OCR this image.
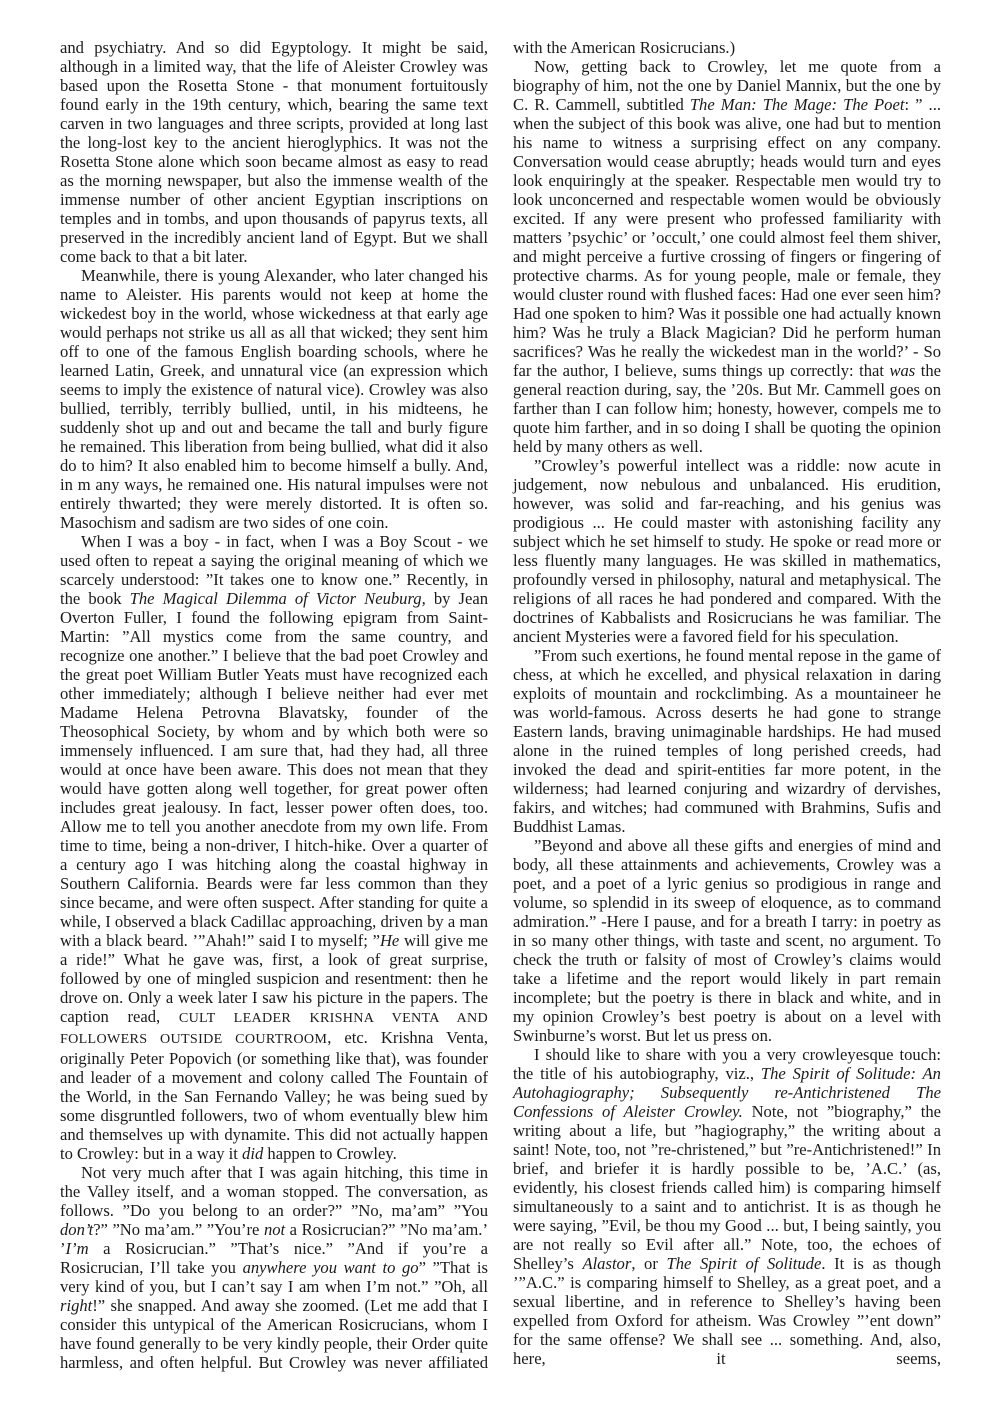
and psychiatry. And so did Egyptology. It might be said, although in a limited way, that the life of Aleister Crowley was based upon the Rosetta Stone - that monument fortuitously found early in the 19th century, which, bearing the same text carven in two languages and three scripts, provided at long last the long-lost key to the ancient hieroglyphics. It was not the Rosetta Stone alone which soon became almost as easy to read as the morning newspaper, but also the immense wealth of the immense number of other ancient Egyptian inscriptions on temples and in tombs, and upon thousands of papyrus texts, all preserved in the incredibly ancient land of Egypt. But we shall come back to that a bit later.

Meanwhile, there is young Alexander, who later changed his name to Aleister. His parents would not keep at home the wickedest boy in the world, whose wickedness at that early age would perhaps not strike us all as all that wicked; they sent him off to one of the famous English boarding schools, where he learned Latin, Greek, and unnatural vice (an expression which seems to imply the existence of natural vice). Crowley was also bullied, terribly, terribly bullied, until, in his midteens, he suddenly shot up and out and became the tall and burly figure he remained. This liberation from being bullied, what did it also do to him? It also enabled him to become himself a bully. And, in m any ways, he remained one. His natural impulses were not entirely thwarted; they were merely distorted. It is often so. Masochism and sadism are two sides of one coin.

When I was a boy - in fact, when I was a Boy Scout - we used often to repeat a saying the original meaning of which we scarcely understood: ”It takes one to know one.” Recently, in the book The Magical Dilemma of Victor Neuburg, by Jean Overton Fuller, I found the following epigram from Saint-Martin: ”All mystics come from the same country, and recognize one another.” I believe that the bad poet Crowley and the great poet William Butler Yeats must have recognized each other immediately; although I believe neither had ever met Madame Helena Petrovna Blavatsky, founder of the Theosophical Society, by whom and by which both were so immensely influenced. I am sure that, had they had, all three would at once have been aware. This does not mean that they would have gotten along well together, for great power often includes great jealousy. In fact, lesser power often does, too. Allow me to tell you another anecdote from my own life. From time to time, being a non-driver, I hitch-hike. Over a quarter of a century ago I was hitching along the coastal highway in Southern California. Beards were far less common than they since became, and were often suspect. After standing for quite a while, I observed a black Cadillac approaching, driven by a man with a black beard. ’”Ahah!” said I to myself; ”He will give me a ride!” What he gave was, first, a look of great surprise, followed by one of mingled suspicion and resentment: then he drove on. Only a week later I saw his picture in the papers. The caption read, CULT LEADER KRISHNA VENTA AND FOLLOWERS OUTSIDE COURTROOM, etc. Krishna Venta, originally Peter Popovich (or something like that), was founder and leader of a movement and colony called The Fountain of the World, in the San Fernando Valley; he was being sued by some disgruntled followers, two of whom eventually blew him and themselves up with dynamite. This did not actually happen to Crowley: but in a way it did happen to Crowley.

Not very much after that I was again hitching, this time in the Valley itself, and a woman stopped. The conversation, as follows. ”Do you belong to an order?” ”No, ma’am” ”You don’t?” ”No ma’am.” ”You’re not a Rosicrucian?” ”No ma’am.’ ’I’m a Rosicrucian.” ”That’s nice.” ”And if you’re a Rosicrucian, I’ll take you anywhere you want to go” ”That is very kind of you, but I can’t say I am when I’m not.” ”Oh, all right!” she snapped. And away she zoomed. (Let me add that I consider this untypical of the American Rosicrucians, whom I have found generally to be very kindly people, their Order quite harmless, and often helpful. But Crowley was never affiliated

with the American Rosicrucians.)

Now, getting back to Crowley, let me quote from a biography of him, not the one by Daniel Mannix, but the one by C. R. Cammell, subtitled The Man: The Mage: The Poet: ” ... when the subject of this book was alive, one had but to mention his name to witness a surprising effect on any company. Conversation would cease abruptly; heads would turn and eyes look enquiringly at the speaker. Respectable men would try to look unconcerned and respectable women would be obviously excited. If any were present who professed familiarity with matters ’psychic’ or ’occult,’ one could almost feel them shiver, and might perceive a furtive crossing of fingers or fingering of protective charms. As for young people, male or female, they would cluster round with flushed faces: Had one ever seen him? Had one spoken to him? Was it possible one had actually known him? Was he truly a Black Magician? Did he perform human sacrifices? Was he really the wickedest man in the world?’ - So far the author, I believe, sums things up correctly: that was the general reaction during, say, the ’20s. But Mr. Cammell goes on farther than I can follow him; honesty, however, compels me to quote him farther, and in so doing I shall be quoting the opinion held by many others as well.

”Crowley’s powerful intellect was a riddle: now acute in judgement, now nebulous and unbalanced. His erudition, however, was solid and far-reaching, and his genius was prodigious ... He could master with astonishing facility any subject which he set himself to study. He spoke or read more or less fluently many languages. He was skilled in mathematics, profoundly versed in philosophy, natural and metaphysical. The religions of all races he had pondered and compared. With the doctrines of Kabbalists and Rosicrucians he was familiar. The ancient Mysteries were a favored field for his speculation.

”From such exertions, he found mental repose in the game of chess, at which he excelled, and physical relaxation in daring exploits of mountain and rockclimbing. As a mountaineer he was world-famous. Across deserts he had gone to strange Eastern lands, braving unimaginable hardships. He had mused alone in the ruined temples of long perished creeds, had invoked the dead and spirit-entities far more potent, in the wilderness; had learned conjuring and wizardry of dervishes, fakirs, and witches; had communed with Brahmins, Sufis and Buddhist Lamas.

”Beyond and above all these gifts and energies of mind and body, all these attainments and achievements, Crowley was a poet, and a poet of a lyric genius so prodigious in range and volume, so splendid in its sweep of eloquence, as to command admiration.” -Here I pause, and for a breath I tarry: in poetry as in so many other things, with taste and scent, no argument. To check the truth or falsity of most of Crowley’s claims would take a lifetime and the report would likely in part remain incomplete; but the poetry is there in black and white, and in my opinion Crowley’s best poetry is about on a level with Swinburne’s worst. But let us press on.

I should like to share with you a very crowleyesque touch: the title of his autobiography, viz., The Spirit of Solitude: An Autohagiography; Subsequently re-Antichristened The Confessions of Aleister Crowley. Note, not ”biography,” the writing about a life, but ”hagiography,” the writing about a saint! Note, too, not ”re-christened,” but ”re-Antichristened!” In brief, and briefer it is hardly possible to be, ’A.C.’ (as, evidently, his closest friends called him) is comparing himself simultaneously to a saint and to antichrist. It is as though he were saying, ”Evil, be thou my Good ... but, I being saintly, you are not really so Evil after all.” Note, too, the echoes of Shelley’s Alastor, or The Spirit of Solitude. It is as though ’”A.C.” is comparing himself to Shelley, as a great poet, and a sexual libertine, and in reference to Shelley’s having been expelled from Oxford for atheism. Was Crowley ”’ent down” for the same offense? We shall see ... something. And, also, here, it seems,
